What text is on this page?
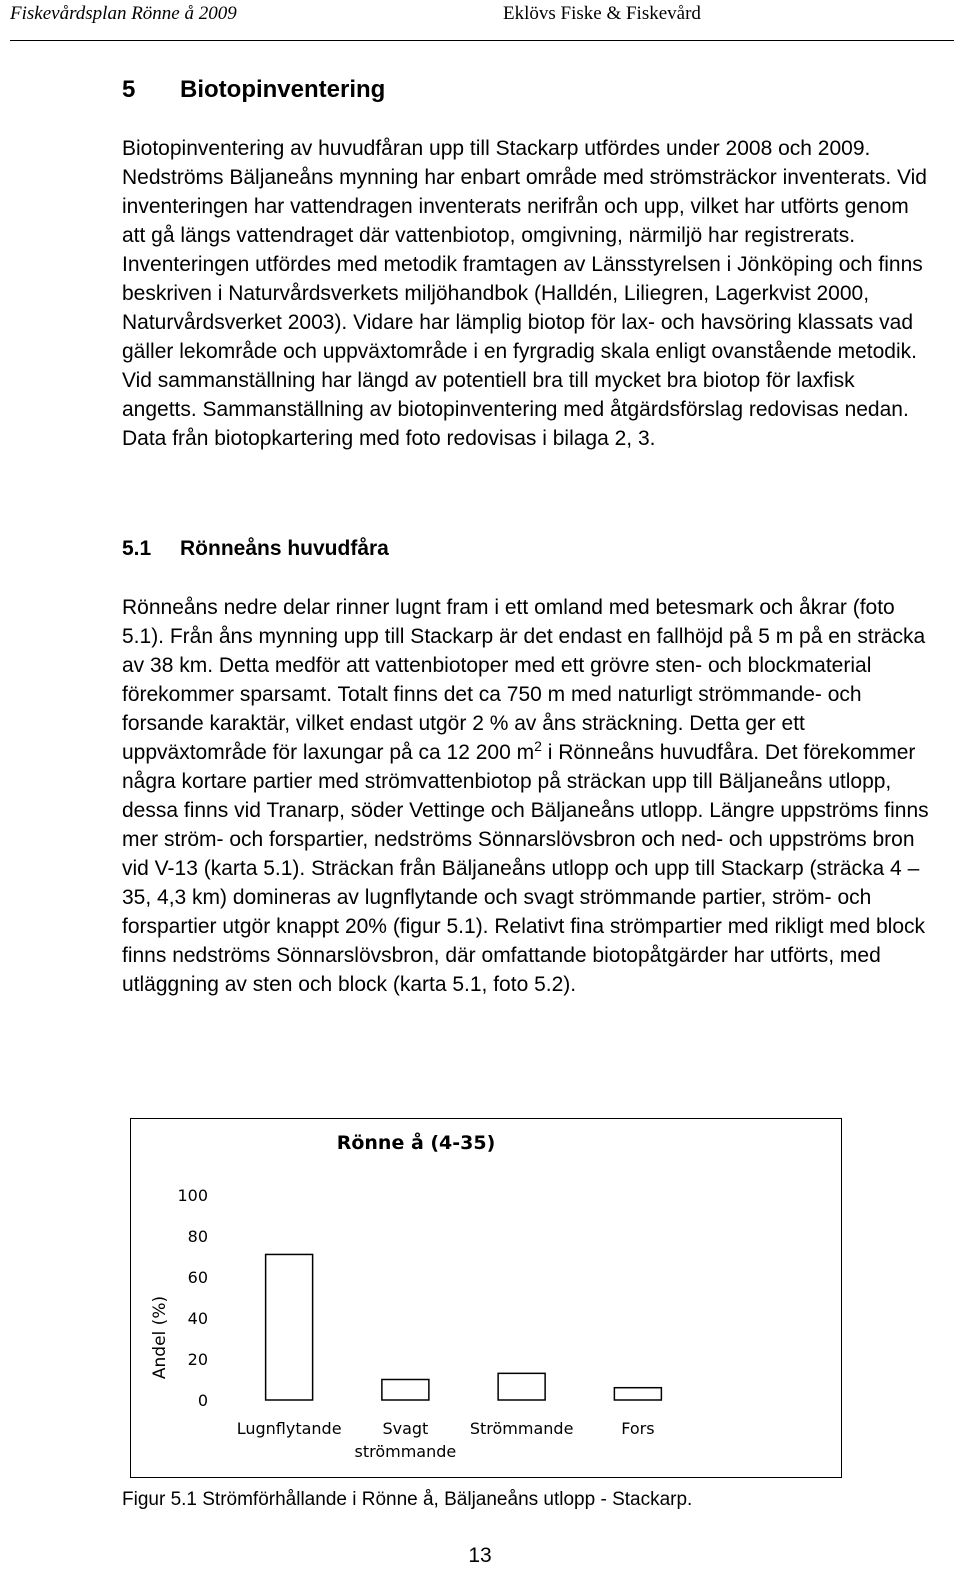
Fiskevårdsplan Rönne å 2009	Eklövs Fiske & Fiskevård
5 Biotopinventering

Biotopinventering av huvudfåran upp till Stackarp utfördes under 2008 och 2009. Nedströms Bäljaneåns mynning har enbart område med strömsträckor inventerats. Vid inventeringen har vattendragen inventerats nerifrån och upp, vilket har utförts genom att gå längs vattendraget där vattenbiotop, omgivning, närmiljö har registrerats. Inventeringen utfördes med metodik framtagen av Länsstyrelsen i Jönköping och finns beskriven i Naturvårdsverkets miljöhandbok (Halldén, Liliegren, Lagerkvist 2000, Naturvårdsverket 2003). Vidare har lämplig biotop för lax- och havsöring klassats vad gäller lekområde och uppväxtområde i en fyrgradig skala enligt ovanstående metodik. Vid sammanställning har längd av potentiell bra till mycket bra biotop för laxfisk angetts. Sammanställning av biotopinventering med åtgärdsförslag redovisas nedan. Data från biotopkartering med foto redovisas i bilaga 2, 3.

5.1 Rönneåns huvudfåra

Rönneåns nedre delar rinner lugnt fram i ett omland med betesmark och åkrar (foto 5.1). Från åns mynning upp till Stackarp är det endast en fallhöjd på 5 m på en sträcka av 38 km. Detta medför att vattenbiotoper med ett grövre sten- och blockmaterial förekommer sparsamt. Totalt finns det ca 750 m med naturligt strömmande- och forsande karaktär, vilket endast utgör 2 % av åns sträckning. Detta ger ett uppväxtområde för laxungar på ca 12 200 $m^2$ i Rönneåns huvudfåra. Det förekommer några kortare partier med strömvattenbiotop på sträckan upp till Bäljaneåns utlopp, dessa finns vid Tranarp, söder Vettinge och Bäljaneåns utlopp. Längre uppströms finns mer ström- och forspartier, nedströms Sönnarslövsbron och ned- och uppströms bron vid V-13 (karta 5.1). Sträckan från Bäljaneåns utlopp och upp till Stackarp (sträcka 4 – 35, 4,3 km) domineras av lugnflytande och svagt strömmande partier, ström- och forspartier utgör knappt 20% (figur 5.1). Relativt fina strömpartier med rikligt med block finns nedströms Sönnarslövsbron, där omfattande biotopåtgärder har utförts, med utläggning av sten och block (karta 5.1, foto 5.2).

Rönne å (4-35)
Andel (%)
0
20
40
60
80
100
Lugnflytande	Svagt
strömmande
Strömmande	Fors
Figur 5.1 Strömförhållande i Rönne å, Bäljaneåns utlopp - Stackarp.
13
